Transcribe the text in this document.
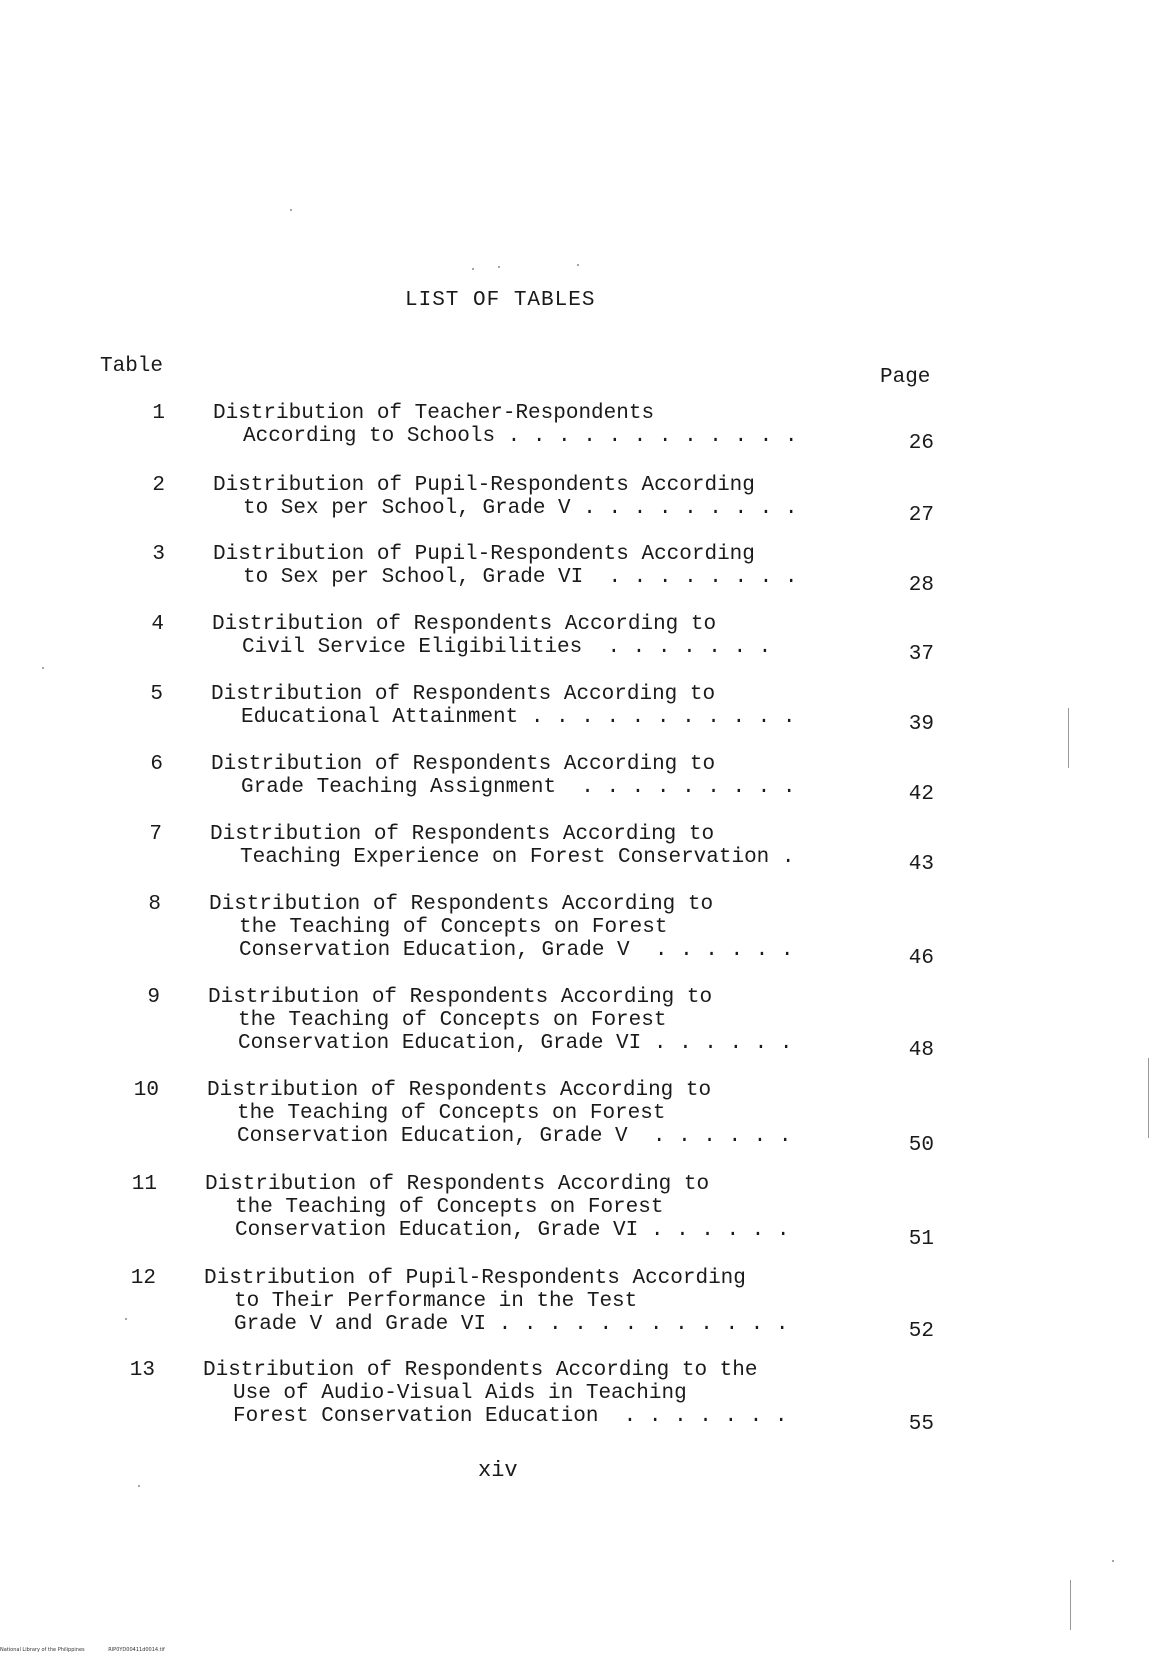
LIST OF TABLES
Table	Page
1 Distribution of Teacher-Respondents
According to Schools . . . . . . . . . . . .	26
2 Distribution of Pupil-Respondents According
to Sex per School, Grade V . . . . . . . . .	27
3 Distribution of Pupil-Respondents According
to Sex per School, Grade VI  . . . . . . . .	28
4 Distribution of Respondents According to
Civil Service Eligibilities  . . . . . . .	37
5 Distribution of Respondents According to
Educational Attainment . . . . . . . . . . .	39
6 Distribution of Respondents According to
Grade Teaching Assignment  . . . . . . . . .	42
7 Distribution of Respondents According to
Teaching Experience on Forest Conservation .	43
8 Distribution of Respondents According to
the Teaching of Concepts on Forest
Conservation Education, Grade V  . . . . . .	46
9 Distribution of Respondents According to
the Teaching of Concepts on Forest
Conservation Education, Grade VI . . . . . .	48
10 Distribution of Respondents According to
the Teaching of Concepts on Forest
Conservation Education, Grade V  . . . . . .	50
11 Distribution of Respondents According to
the Teaching of Concepts on Forest
Conservation Education, Grade VI . . . . . .	51
12 Distribution of Pupil-Respondents According
to Their Performance in the Test
Grade V and Grade VI . . . . . . . . . . . .	52
13 Distribution of Respondents According to the
Use of Audio-Visual Aids in Teaching
Forest Conservation Education  . . . . . . .	55
xiv
National Library of the Philippines	RIP0YD00411d0014.tif
